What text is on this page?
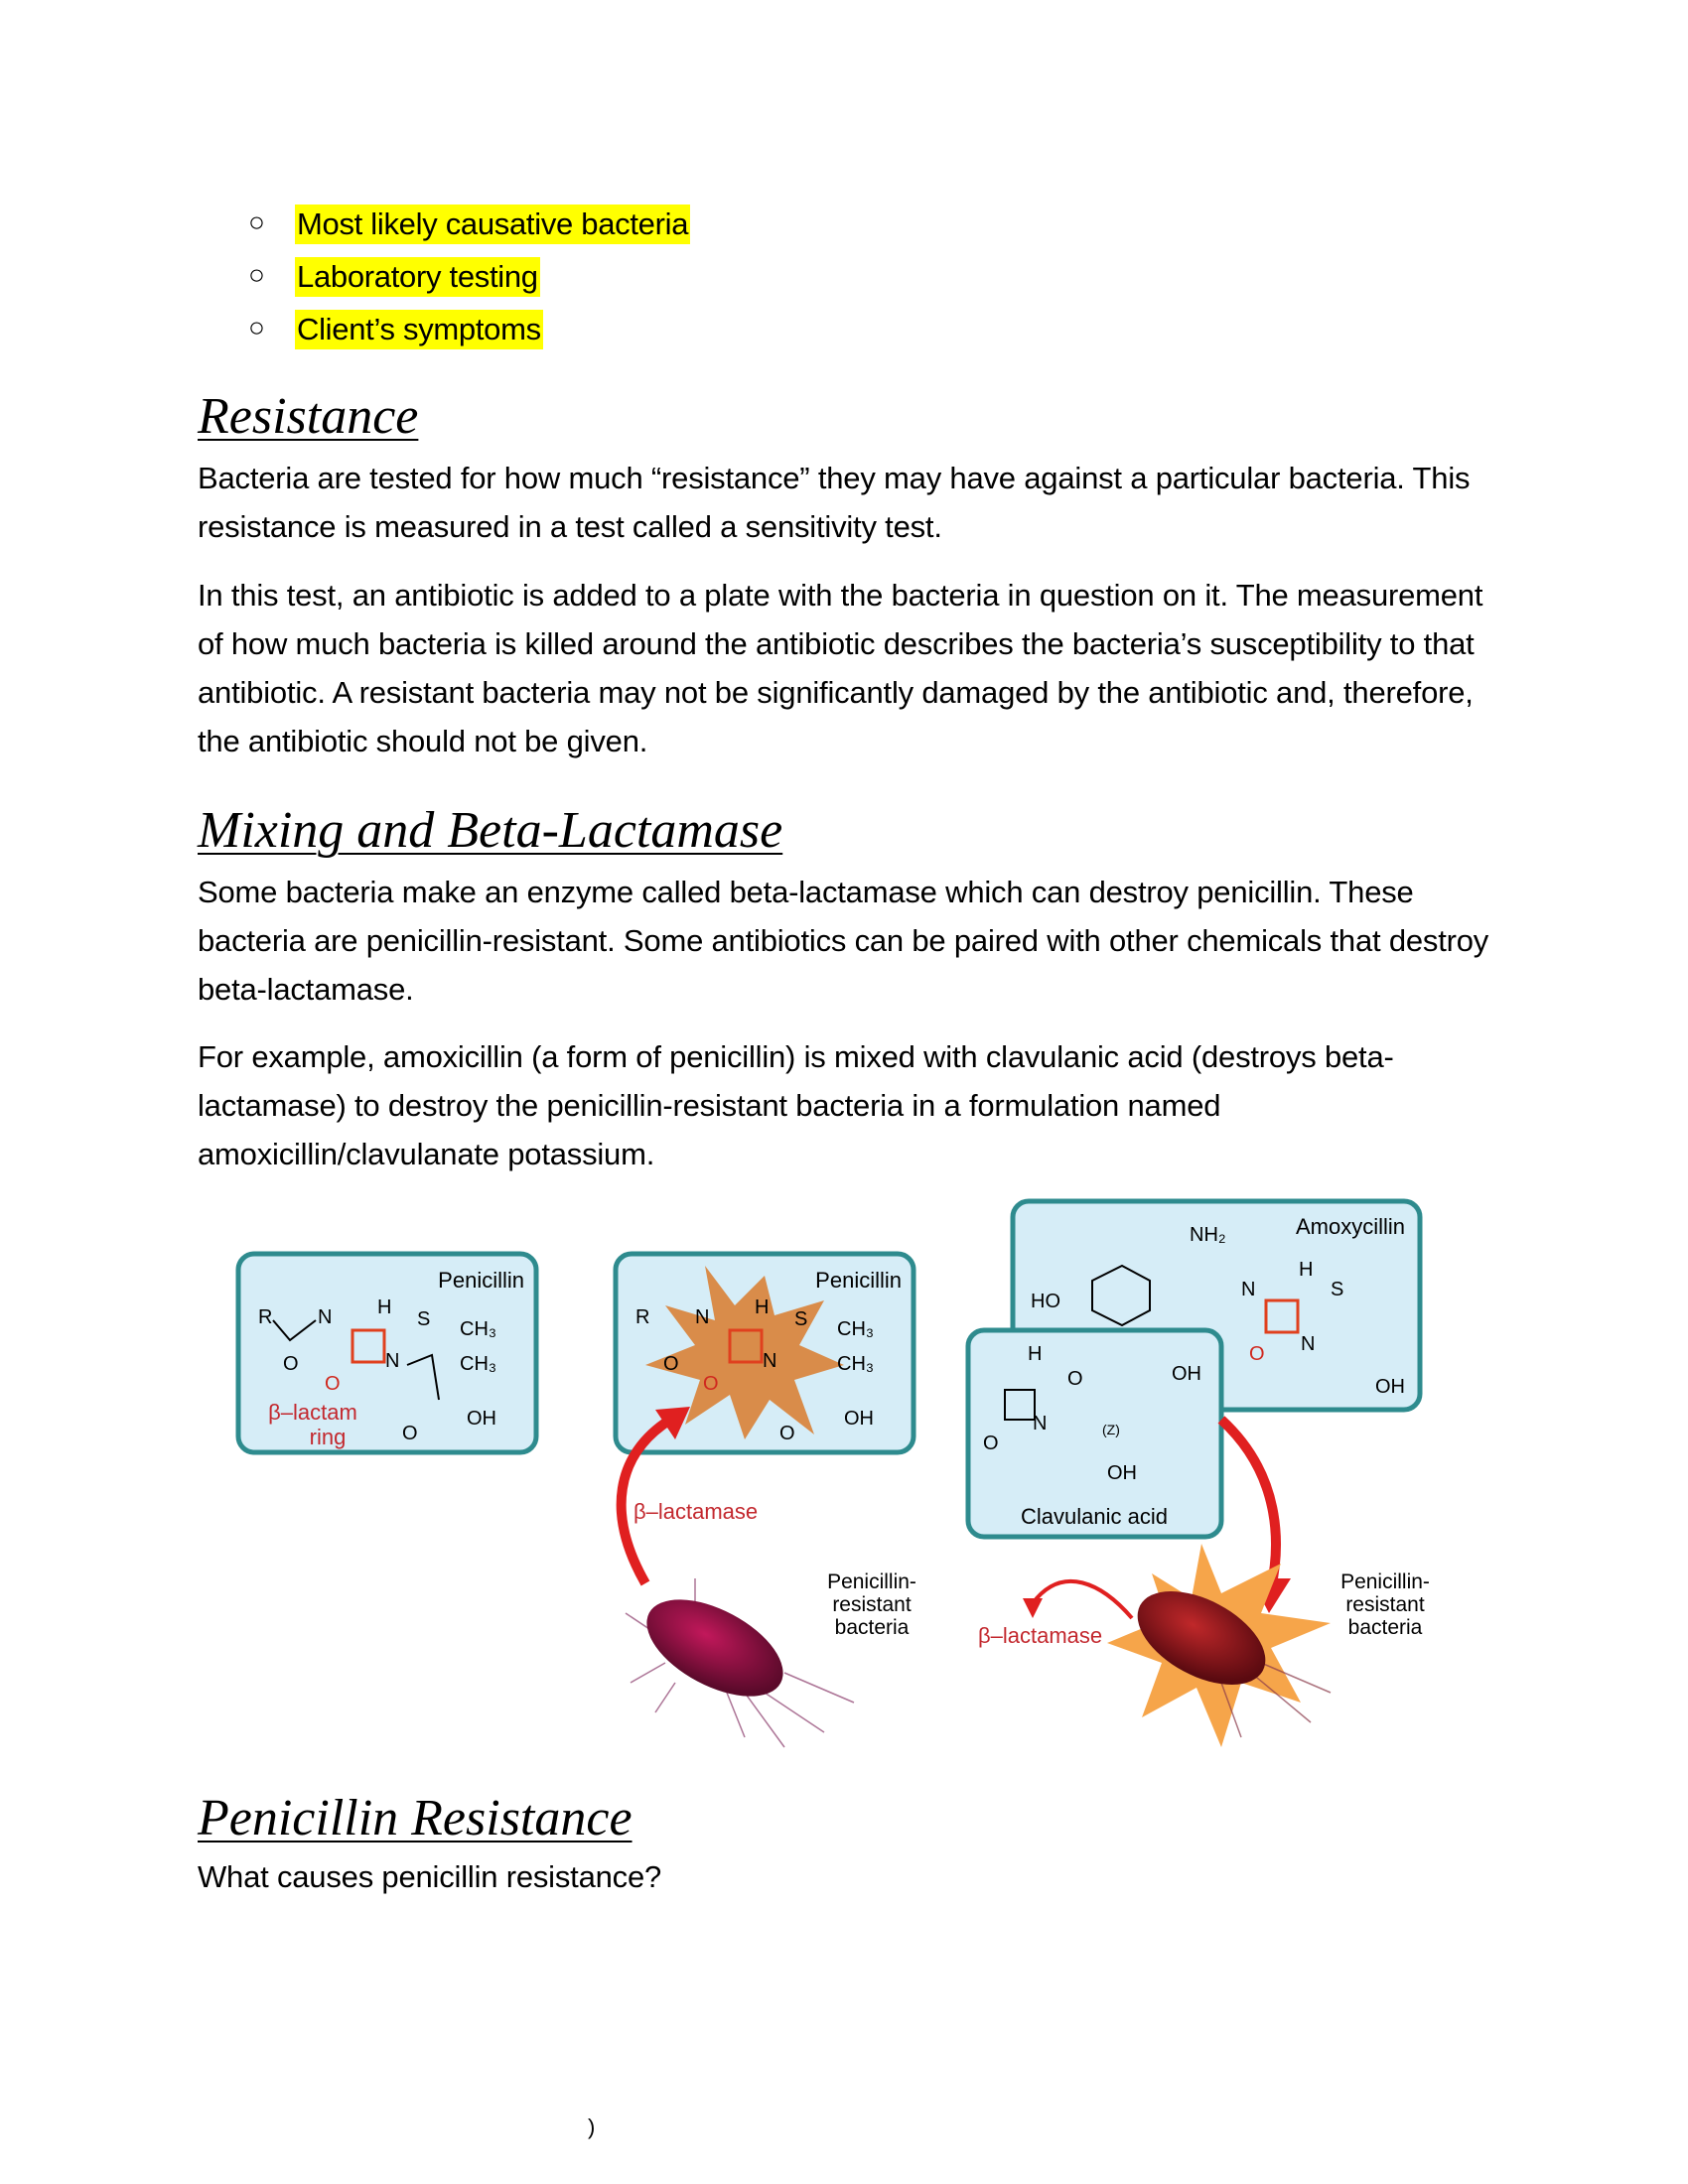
○ Most likely causative bacteria
○ Laboratory testing
○ Client’s symptoms
Resistance

Bacteria are tested for how much “resistance” they may have against a particular bacteria. This resistance is measured in a test called a sensitivity test.

In this test, an antibiotic is added to a plate with the bacteria in question on it. The measurement of how much bacteria is killed around the antibiotic describes the bacteria’s susceptibility to that antibiotic. A resistant bacteria may not be significantly damaged by the antibiotic and, therefore, the antibiotic should not be given.

Mixing and Beta-Lactamase

Some bacteria make an enzyme called beta-lactamase which can destroy penicillin. These bacteria are penicillin-resistant. Some antibiotics can be paired with other chemicals that destroy beta-lactamase.

For example, amoxicillin (a form of penicillin) is mixed with clavulanic acid (destroys beta-lactamase) to destroy the penicillin-resistant bacteria in a formulation named amoxicillin/clavulanate potassium.

Penicillin
R N H
S CH₃
CH₃
N
OH
O
O
O
β–lactam
ring
Penicillin
R N H
S CH₃
CH₃
N
OH
O
O
O
Amoxycillin
NH₂
HO
N
H
S
N
OH
O
H
O	OH
N	(Z)
O
OH
Clavulanic acid
β–lactamase
β–lactamase
Penicillin-
resistant
bacteria
Penicillin-
resistant
bacteria
Penicillin Resistance

What causes penicillin resistance?

)
